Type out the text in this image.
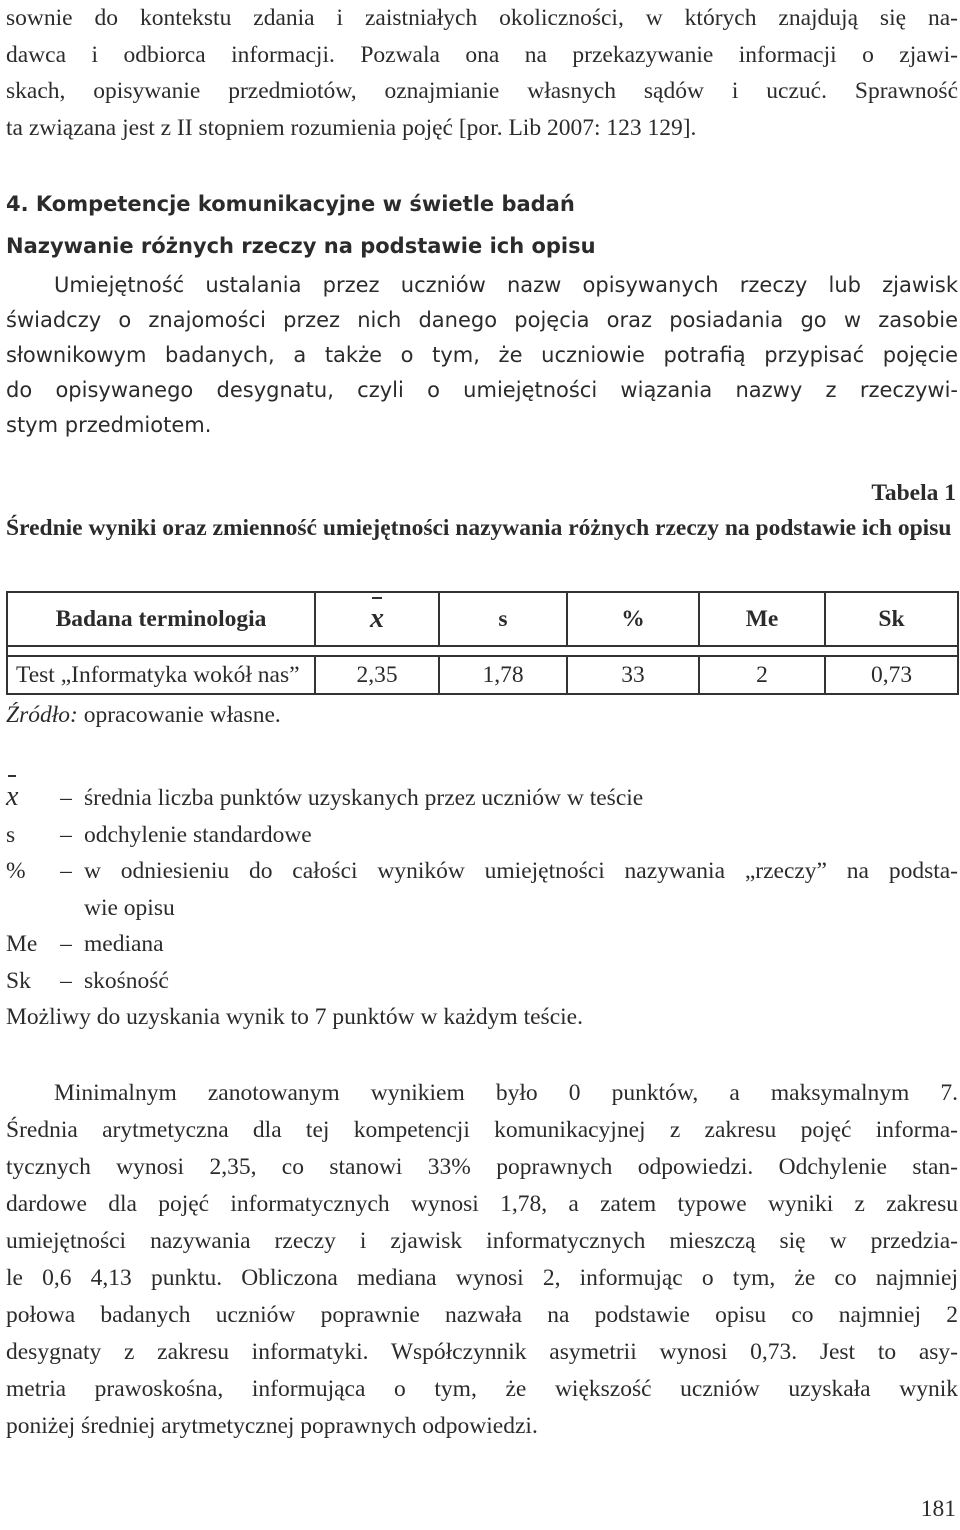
sownie do kontekstu zdania i zaistniałych okoliczności, w których znajdują się na-
dawca i odbiorca informacji. Pozwala ona na przekazywanie informacji o zjawi-
skach, opisywanie przedmiotów, oznajmianie własnych sądów i uczuć. Sprawność
ta związana jest z II stopniem rozumienia pojęć [por. Lib 2007: 123 129].
4. Kompetencje komunikacyjne w świetle badań
Nazywanie różnych rzeczy na podstawie ich opisu
Umiejętność ustalania przez uczniów nazw opisywanych rzeczy lub zjawisk
świadczy o znajomości przez nich danego pojęcia oraz posiadania go w zasobie
słownikowym badanych, a także o tym, że uczniowie potrafią przypisać pojęcie
do opisywanego desygnatu, czyli o umiejętności wiązania nazwy z rzeczywi-
stym przedmiotem.
Tabela 1
Średnie wyniki oraz zmienność umiejętności nazywania różnych rzeczy na podstawie ich opisu
Badana terminologia	x	s	%	Me	Sk

Test „Informatyka wokół nas”	2,35	1,78	33	2	0,73
Źródło: opracowanie własne.
x	– średnia liczba punktów uzyskanych przez uczniów w teście
s	– odchylenie standardowe
%	– w odniesieniu do całości wyników umiejętności nazywania „rzeczy” na podsta-
wie opisu
Me – mediana
Sk	– skośność
Możliwy do uzyskania wynik to 7 punktów w każdym teście.
Minimalnym zanotowanym wynikiem było 0 punktów, a maksymalnym 7.
Średnia arytmetyczna dla tej kompetencji komunikacyjnej z zakresu pojęć informa-
tycznych wynosi 2,35, co stanowi 33% poprawnych odpowiedzi. Odchylenie stan-
dardowe dla pojęć informatycznych wynosi 1,78, a zatem typowe wyniki z zakresu
umiejętności nazywania rzeczy i zjawisk informatycznych mieszczą się w przedzia-
le 0,6 4,13 punktu. Obliczona mediana wynosi 2, informując o tym, że co najmniej
połowa badanych uczniów poprawnie nazwała na podstawie opisu co najmniej 2
desygnaty z zakresu informatyki. Współczynnik asymetrii wynosi 0,73. Jest to asy-
metria prawoskośna, informująca o tym, że większość uczniów uzyskała wynik
poniżej średniej arytmetycznej poprawnych odpowiedzi.
181
